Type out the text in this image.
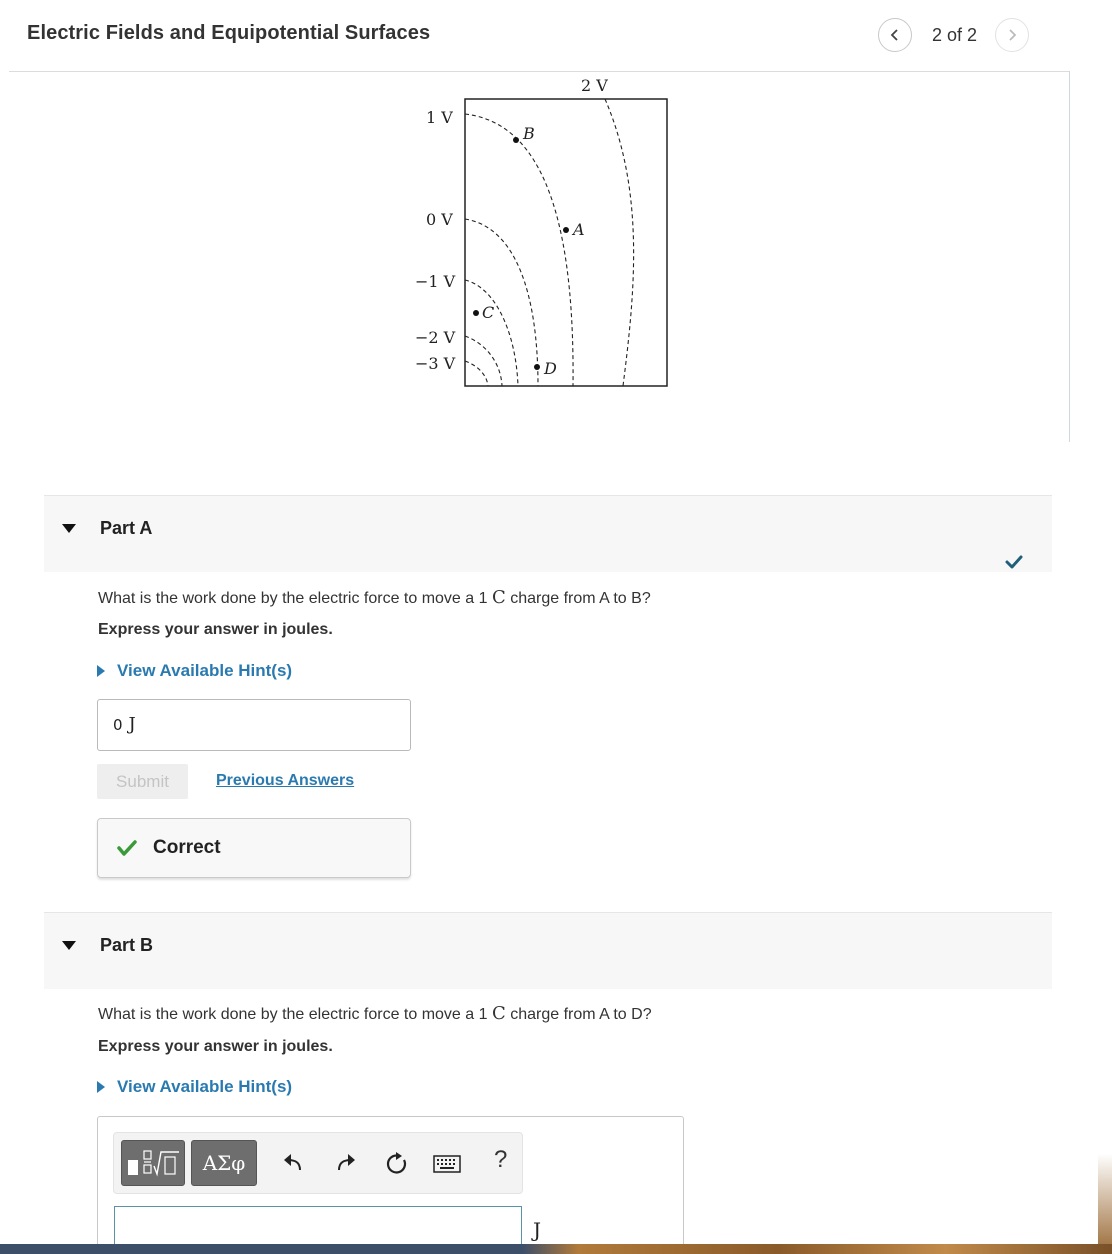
Electric Fields and Equipotential Surfaces	2 of 2
2 V
1 V
0 V
−1 V
−2 V
−3 V
B
A
C
D
Part A
What is the work done by the electric force to move a 1 C charge from A to B?
Express your answer in joules.
View Available Hint(s)
0 J
Submit	Previous Answers
Correct
Part B
What is the work done by the electric force to move a 1 C charge from A to D?
Express your answer in joules.
View Available Hint(s)
ΑΣφ	?
J
